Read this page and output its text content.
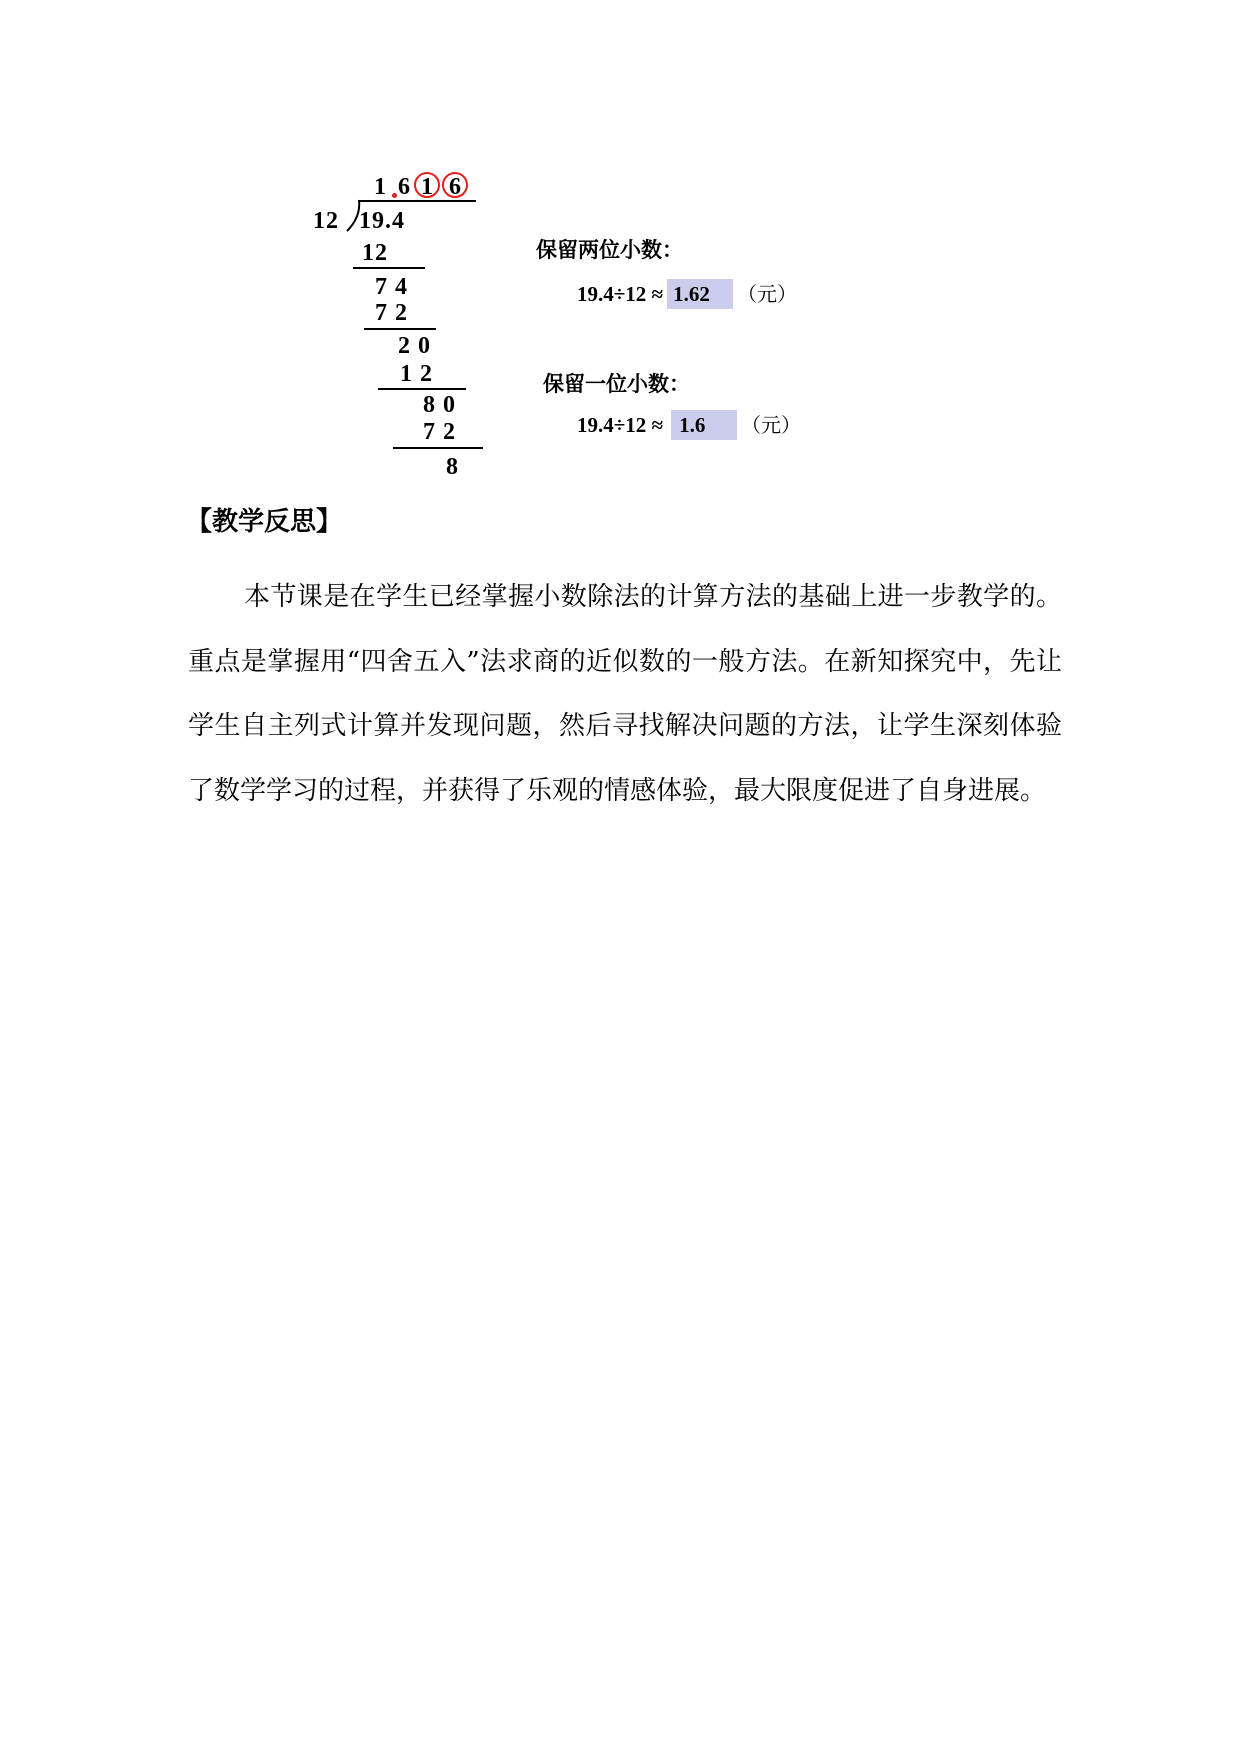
1 6 1 6
12 19.4
12
7 4
7 2
2 0
1 2
8 0
7 2
8
保留两位小数：
19.4÷12 ≈ 1.62	（元）
保留一位小数：
19.4÷12 ≈ 1.6	（元）
【教学反思】

本节课是在学生已经掌握小数除法的计算方法的基础上进一步教学的。重点是掌握用“四舍五入”法求商的近似数的一般方法。在新知探究中，先让学生自主列式计算并发现问题，然后寻找解决问题的方法，让学生深刻体验了数学学习的过程，并获得了乐观的情感体验，最大限度促进了自身进展。
